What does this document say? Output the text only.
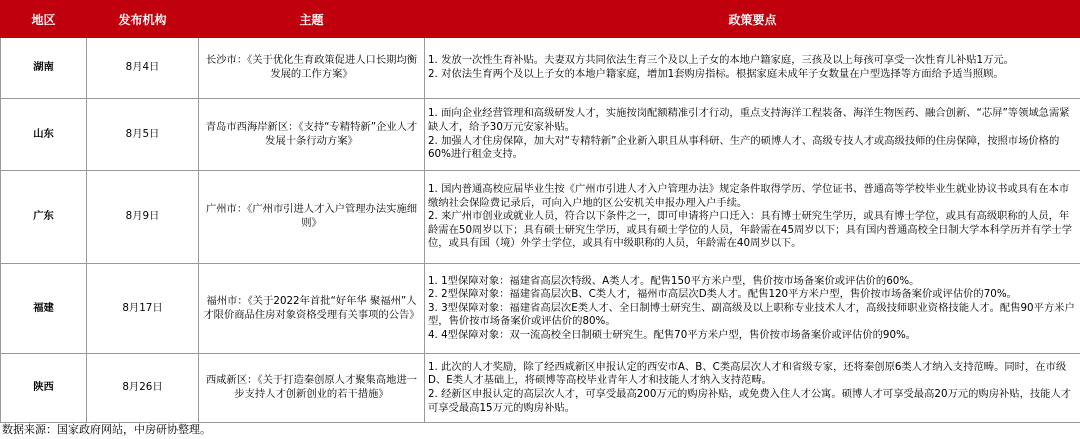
地区	发布机构	主题	政策要点
湖南	8月4日	长沙市：《关于优化生育政策促进人口长期均衡发展的工作方案》	1. 发放一次性生育补贴。夫妻双方共同依法生育三个及以上子女的本地户籍家庭，三孩及以上每孩可享受一次性育儿补贴1万元。
2. 对依法生育两个及以上子女的本地户籍家庭，增加1套购房指标。根据家庭未成年子女数量在户型选择等方面给予适当照顾。

山东	8月5日	青岛市西海岸新区：《支持“专精特新”企业人才发展十条行动方案》	1. 面向企业经营管理和高级研发人才，实施按岗配额精准引才行动，重点支持海洋工程装备、海洋生物医药、融合创新、“芯屏”等领域急需紧缺人才，给予30万元安家补贴。
2. 加强人才住房保障，加大对“专精特新”企业新入职且从事科研、生产的硕博人才、高级专技人才或高级技师的住房保障，按照市场价格的60%进行租金支持。

广东	8月9日	广州市：《广州市引进人才入户管理办法实施细则》	1. 国内普通高校应届毕业生按《广州市引进人才入户管理办法》规定条件取得学历、学位证书、普通高等学校毕业生就业协议书或具有在本市缴纳社会保险费记录后，可向入户地的区公安机关申报办理入户手续。
2. 来广州市创业或就业人员，符合以下条件之一，即可申请将户口迁入：具有博士研究生学历，或具有博士学位，或具有高级职称的人员，年龄需在50周岁以下；具有硕士研究生学历，或具有硕士学位的人员，年龄需在45周岁以下；具有国内普通高校全日制大学本科学历并有学士学位，或具有国（境）外学士学位，或具有中级职称的人员，年龄需在40周岁以下。

福建	8月17日	福州市：《关于2022年首批“好年华 聚福州”人才限价商品住房对象资格受理有关事项的公告》	1. 1型保障对象：福建省高层次特级、A类人才。配售150平方米户型，售价按市场备案价或评估价的60%。
2. 2型保障对象：福建省高层次B、C类人才，福州市高层次D类人才。配售120平方米户型，售价按市场备案价或评估价的70%。
3. 3型保障对象：福建省高层次E类人才、全日制博士研究生、副高级及以上职称专业技术人才，高级技师职业资格技能人才。配售90平方米户型，售价按市场备案价或评估价的80%。
4. 4型保障对象：双一流高校全日制硕士研究生。配售70平方米户型，售价按市场备案价或评估价的90%。

陕西	8月26日	西咸新区：《关于打造秦创原人才聚集高地进一步支持人才创新创业的若干措施》	1. 此次的人才奖励，除了经西咸新区申报认定的西安市A、B、C类高层次人才和省级专家，还将秦创原6类人才纳入支持范畴。同时，在市级D、E类人才基础上，将硕博等高校毕业青年人才和技能人才纳入支持范畴。
2. 经新区申报认定的高层次人才，可享受最高200万元的购房补贴，或免费入住人才公寓。硕博人才可享受最高20万元的购房补贴，技能人才可享受最高15万元的购房补贴。
数据来源：国家政府网站，中房研协整理。
